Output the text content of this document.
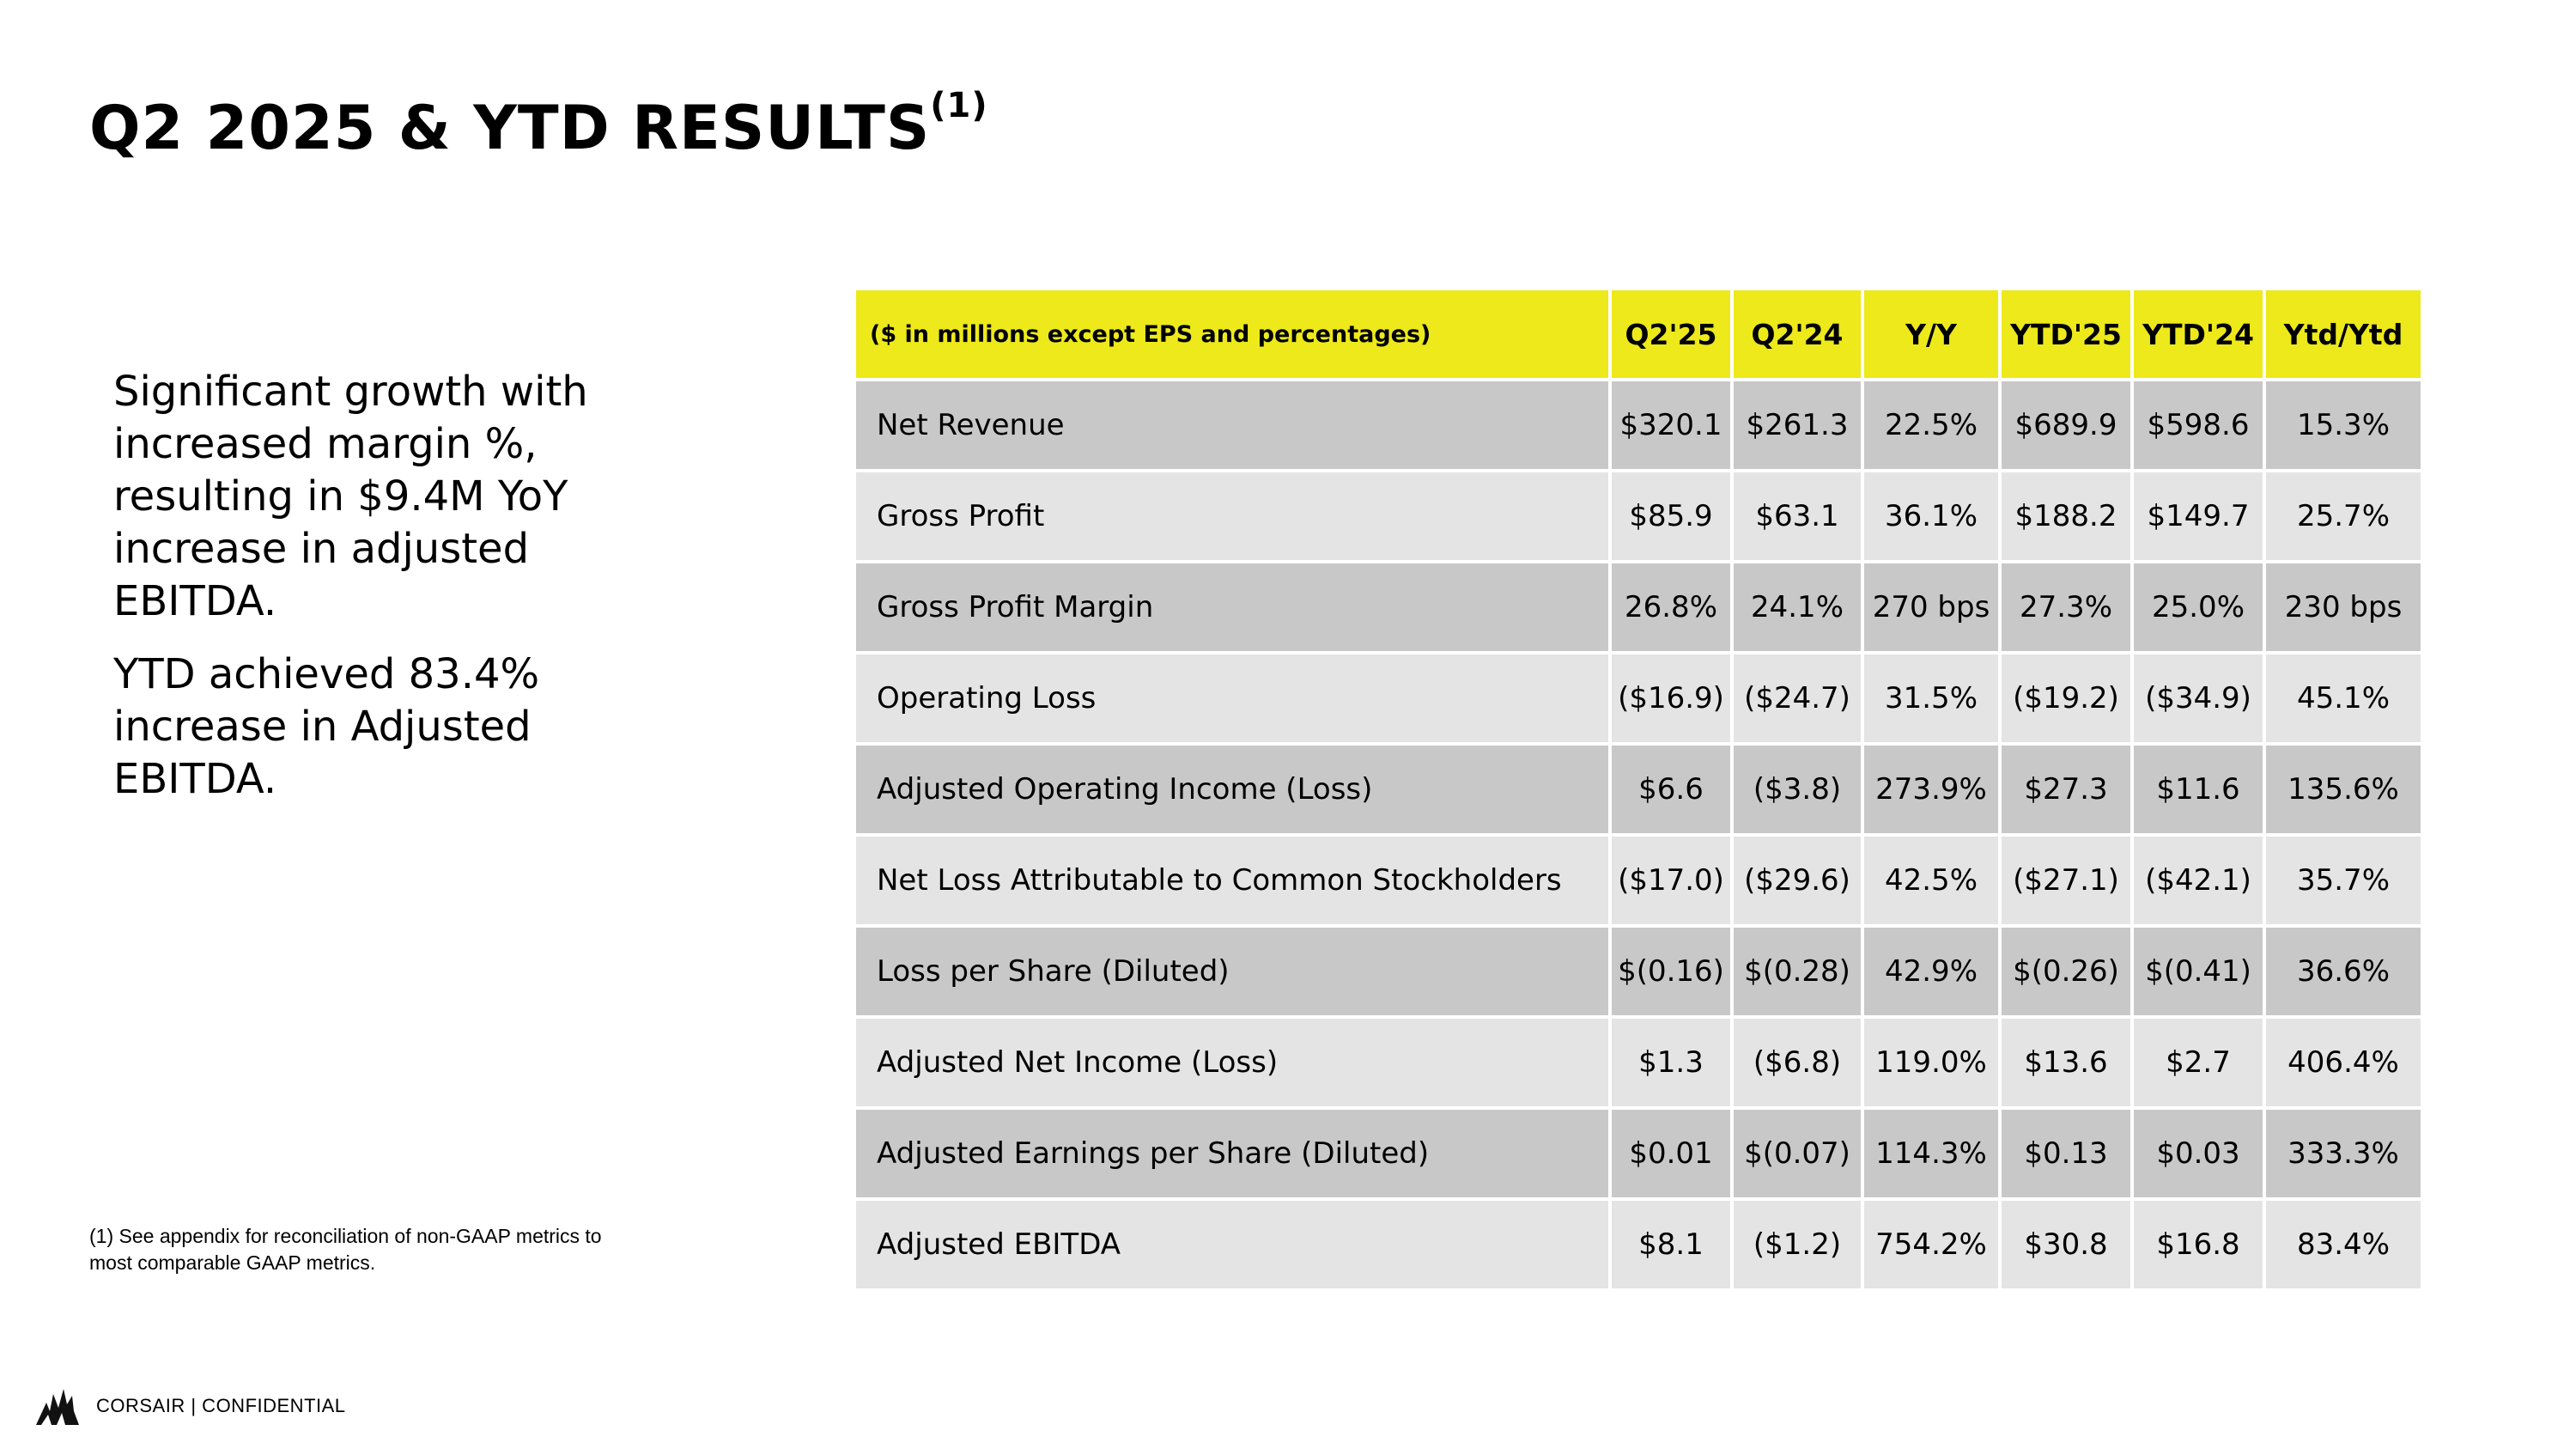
Q2 2025 & YTD RESULTS$^{(1)}$

Significant growth with increased margin %, resulting in $9.4M YoY increase in adjusted EBITDA.

YTD achieved 83.4% increase in Adjusted EBITDA.

($ in millions except EPS and percentages)	Q2'25	Q2'24	Y/Y	YTD'25	YTD'24	Ytd/Ytd
Net Revenue	$320.1	$261.3	22.5%	$689.9	$598.6	15.3%
Gross Profit	$85.9	$63.1	36.1%	$188.2	$149.7	25.7%
Gross Profit Margin	26.8%	24.1%	270 bps	27.3%	25.0%	230 bps
Operating Loss	($16.9)	($24.7)	31.5%	($19.2)	($34.9)	45.1%
Adjusted Operating Income (Loss)	$6.6	($3.8)	273.9%	$27.3	$11.6	135.6%
Net Loss Attributable to Common Stockholders	($17.0)	($29.6)	42.5%	($27.1)	($42.1)	35.7%
Loss per Share (Diluted)	$(0.16)	$(0.28)	42.9%	$(0.26)	$(0.41)	36.6%
Adjusted Net Income (Loss)	$1.3	($6.8)	119.0%	$13.6	$2.7	406.4%
Adjusted Earnings per Share (Diluted)	$0.01	$(0.07)	114.3%	$0.13	$0.03	333.3%
Adjusted EBITDA	$8.1	($1.2)	754.2%	$30.8	$16.8	83.4%
(1) See appendix for reconciliation of non-GAAP metrics to most comparable GAAP metrics.
CORSAIR | CONFIDENTIAL
